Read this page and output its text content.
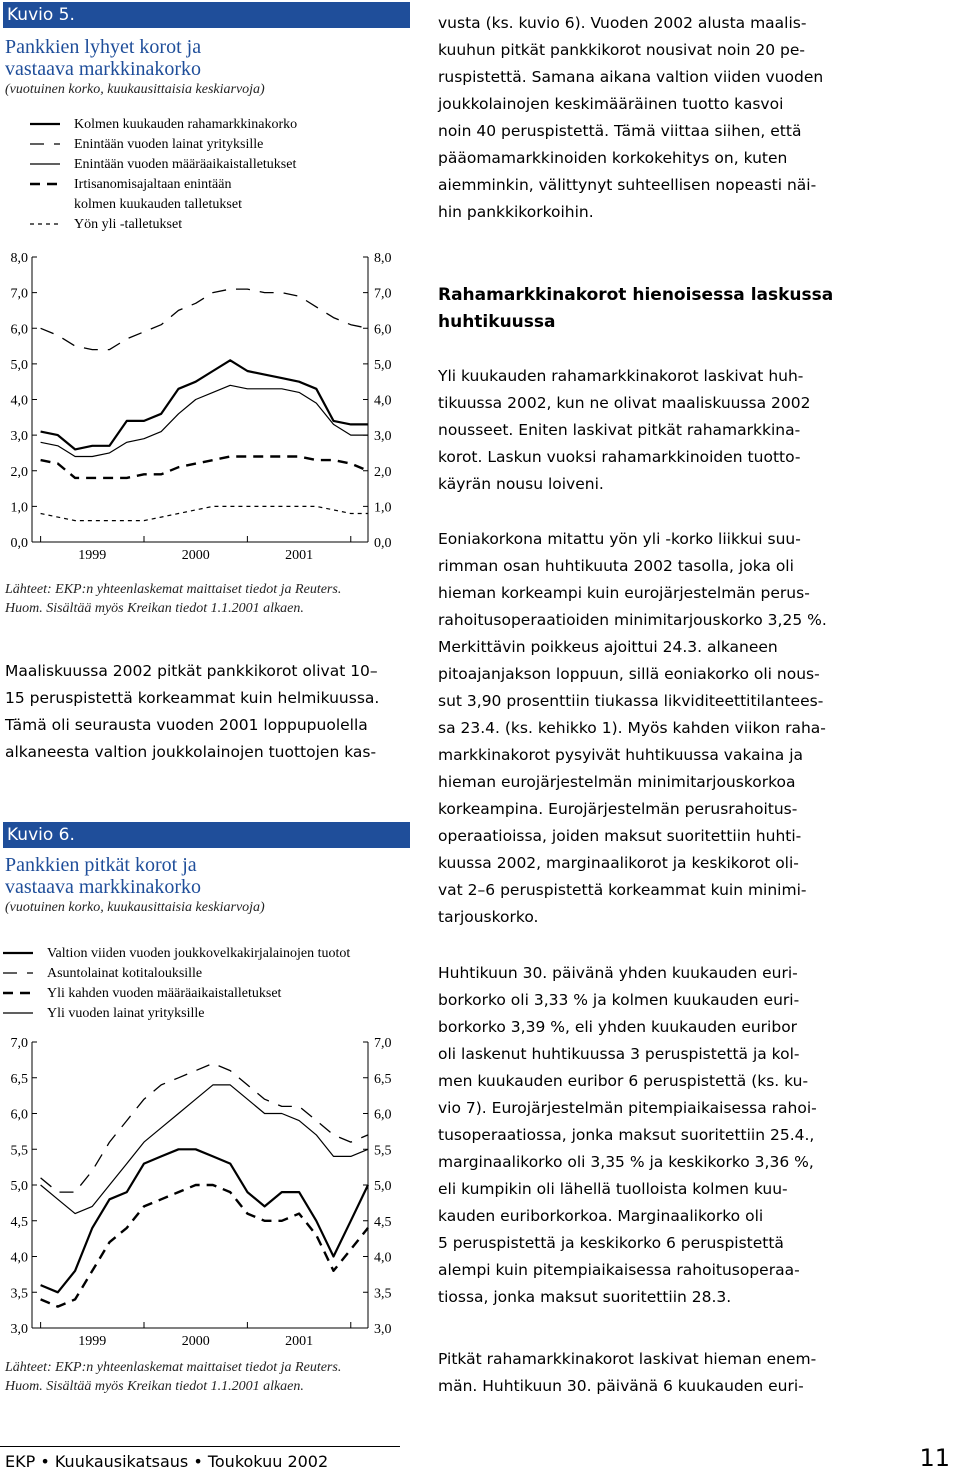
Kuvio 5.
Pankkien lyhyet korot ja
vastaava markkinakorko
(vuotuinen korko, kuukausittaisia keskiarvoja)
Kolmen kuukauden rahamarkkinakorko
Enintään vuoden lainat yrityksille
Enintään vuoden määräaikaistalletukset
Irtisanomisajaltaan enintään
kolmen kuukauden talletukset
Yön yli -talletukset
8,0	8,0
7,0	7,0
6,0	6,0
5,0	5,0
4,0	4,0
3,0	3,0
2,0	2,0
1,0	1,0
0,0	0,0
1999	2000	2001
Lähteet: EKP:n yhteenlaskemat maittaiset tiedot ja Reuters.
Huom. Sisältää myös Kreikan tiedot 1.1.2001 alkaen.
Maaliskuussa 2002 pitkät pankkikorot olivat 10–
15 peruspistettä korkeammat kuin helmikuussa.
Tämä oli seurausta vuoden 2001 loppupuolella
alkaneesta valtion joukkolainojen tuottojen kas-
Kuvio 6.
Pankkien pitkät korot ja
vastaava markkinakorko
(vuotuinen korko, kuukausittaisia keskiarvoja)
Valtion viiden vuoden joukkovelkakirjalainojen tuotot
Asuntolainat kotitalouksille
Yli kahden vuoden määräaikaistalletukset
Yli vuoden lainat yrityksille
7,0	7,0
6,5	6,5
6,0	6,0
5,5	5,5
5,0	5,0
4,5	4,5
4,0	4,0
3,5	3,5
3,0	3,0
1999	2000	2001
Lähteet: EKP:n yhteenlaskemat maittaiset tiedot ja Reuters.
Huom. Sisältää myös Kreikan tiedot 1.1.2001 alkaen.
vusta (ks. kuvio 6). Vuoden 2002 alusta maalis-
kuuhun pitkät pankkikorot nousivat noin 20 pe-
ruspistettä. Samana aikana valtion viiden vuoden
joukkolainojen keskimääräinen tuotto kasvoi
noin 40 peruspistettä. Tämä viittaa siihen, että
pääomamarkkinoiden korkokehitys on, kuten
aiemminkin, välittynyt suhteellisen nopeasti näi-
hin pankkikorkoihin.
Rahamarkkinakorot hienoisessa laskussa
huhtikuussa
Yli kuukauden rahamarkkinakorot laskivat huh-
tikuussa 2002, kun ne olivat maaliskuussa 2002
nousseet. Eniten laskivat pitkät rahamarkkina-
korot. Laskun vuoksi rahamarkkinoiden tuotto-
käyrän nousu loiveni.
Eoniakorkona mitattu yön yli -korko liikkui suu-
rimman osan huhtikuuta 2002 tasolla, joka oli
hieman korkeampi kuin eurojärjestelmän perus-
rahoitusoperaatioiden minimitarjouskorko 3,25 %.
Merkittävin poikkeus ajoittui 24.3. alkaneen
pitoajanjakson loppuun, sillä eoniakorko oli nous-
sut 3,90 prosenttiin tiukassa likviditeettitilantees-
sa 23.4. (ks. kehikko 1). Myös kahden viikon raha-
markkinakorot pysyivät huhtikuussa vakaina ja
hieman eurojärjestelmän minimitarjouskorkoa
korkeampina. Eurojärjestelmän perusrahoitus-
operaatioissa, joiden maksut suoritettiin huhti-
kuussa 2002, marginaalikorot ja keskikorot oli-
vat 2–6 peruspistettä korkeammat kuin minimi-
tarjouskorko.
Huhtikuun 30. päivänä yhden kuukauden euri-
borkorko oli 3,33 % ja kolmen kuukauden euri-
borkorko 3,39 %, eli yhden kuukauden euribor
oli laskenut huhtikuussa 3 peruspistettä ja kol-
men kuukauden euribor 6 peruspistettä (ks. ku-
vio 7). Eurojärjestelmän pitempiaikaisessa rahoi-
tusoperaatiossa, jonka maksut suoritettiin 25.4.,
marginaalikorko oli 3,35 % ja keskikorko 3,36 %,
eli kumpikin oli lähellä tuolloista kolmen kuu-
kauden euriborkorkoa. Marginaalikorko oli
5 peruspistettä ja keskikorko 6 peruspistettä
alempi kuin pitempiaikaisessa rahoitusoperaa-
tiossa, jonka maksut suoritettiin 28.3.
Pitkät rahamarkkinakorot laskivat hieman enem-
män. Huhtikuun 30. päivänä 6 kuukauden euri-
EKP • Kuukausikatsaus • Toukokuu 2002	11
